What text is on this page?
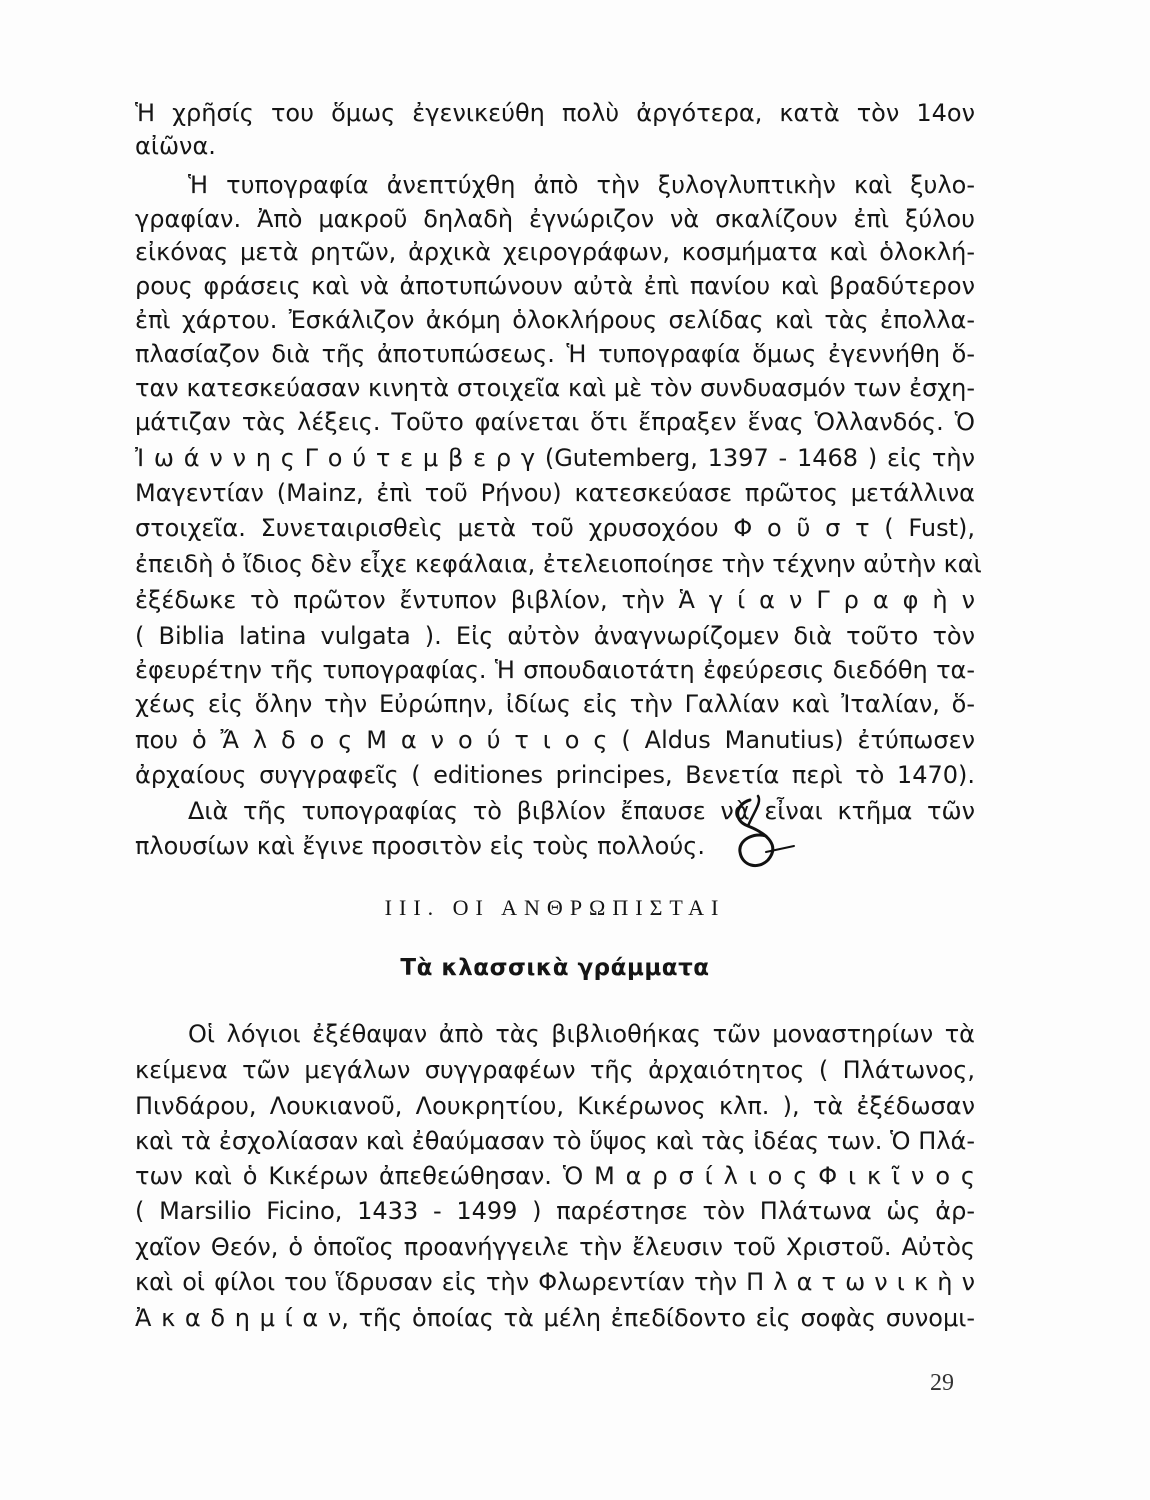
Ἡ χρῆσίς του ὅμως ἐγενικεύθη πολὺ ἀργότερα, κατὰ τὸν 14ον
αἰῶνα.
Ἡ τυπογραφία ἀνεπτύχθη ἀπὸ τὴν ξυλογλυπτικὴν καὶ ξυλο-
γραφίαν. Ἀπὸ μακροῦ δηλαδὴ ἐγνώριζον νὰ σκαλίζουν ἐπὶ ξύλου
εἰκόνας μετὰ ρητῶν, ἀρχικὰ χειρογράφων, κοσμήματα καὶ ὁλοκλή-
ρους φράσεις καὶ νὰ ἀποτυπώνουν αὐτὰ ἐπὶ πανίου καὶ βραδύτερον
ἐπὶ χάρτου. Ἐσκάλιζον ἀκόμη ὁλοκλήρους σελίδας καὶ τὰς ἐπολλα-
πλασίαζον διὰ τῆς ἀποτυπώσεως. Ἡ τυπογραφία ὅμως ἐγεννήθη ὅ-
ταν κατεσκεύασαν κινητὰ στοιχεῖα καὶ μὲ τὸν συνδυασμόν των ἐσχη-
μάτιζαν τὰς λέξεις. Τοῦτο φαίνεται ὅτι ἔπραξεν ἕνας Ὁλλανδός. Ὁ
Ἰ ω ά ν ν η ς Γ ο ύ τ ε μ β ε ρ γ (Gutemberg, 1397 - 1468 ) εἰς τὴν
Μαγεντίαν (Mainz, ἐπὶ τοῦ Ρήνου) κατεσκεύασε πρῶτος μετάλλινα
στοιχεῖα. Συνεταιρισθεὶς μετὰ τοῦ χρυσοχόου Φ ο ῦ σ τ ( Fust),
ἐπειδὴ ὁ ἴδιος δὲν εἶχε κεφάλαια, ἐτελειοποίησε τὴν τέχνην αὐτὴν καὶ
ἐξέδωκε τὸ πρῶτον ἔντυπον βιβλίον, τὴν Ἁ γ ί α ν Γ ρ α φ ὴ ν
( Biblia latina vulgata ). Εἰς αὐτὸν ἀναγνωρίζομεν διὰ τοῦτο τὸν
ἐφευρέτην τῆς τυπογραφίας. Ἡ σπουδαιοτάτη ἐφεύρεσις διεδόθη τα-
χέως εἰς ὅλην τὴν Εὐρώπην, ἰδίως εἰς τὴν Γαλλίαν καὶ Ἰταλίαν, ὅ-
που ὁ Ἄ λ δ ο ς Μ α ν ο ύ τ ι ο ς ( Aldus Manutius) ἐτύπωσεν
ἀρχαίους συγγραφεῖς ( editiones principes, Βενετία περὶ τὸ 1470).
Διὰ τῆς τυπογραφίας τὸ βιβλίον ἔπαυσε νὰ εἶναι κτῆμα τῶν
πλουσίων καὶ ἔγινε προσιτὸν εἰς τοὺς πολλούς.
III. ΟΙ ΑΝΘΡΩΠΙΣΤΑΙ
Τὰ κλασσικὰ γράμματα
Οἱ λόγιοι ἐξέθαψαν ἀπὸ τὰς βιβλιοθήκας τῶν μοναστηρίων τὰ
κείμενα τῶν μεγάλων συγγραφέων τῆς ἀρχαιότητος ( Πλάτωνος,
Πινδάρου, Λουκιανοῦ, Λουκρητίου, Κικέρωνος κλπ. ), τὰ ἐξέδωσαν
καὶ τὰ ἐσχολίασαν καὶ ἐθαύμασαν τὸ ὕψος καὶ τὰς ἰδέας των. Ὁ Πλά-
των καὶ ὁ Κικέρων ἀπεθεώθησαν. Ὁ Μ α ρ σ ί λ ι ο ς Φ ι κ ῖ ν ο ς
( Marsilio Ficino, 1433 - 1499 ) παρέστησε τὸν Πλάτωνα ὡς ἀρ-
χαῖον Θεόν, ὁ ὁποῖος προανήγγειλε τὴν ἔλευσιν τοῦ Χριστοῦ. Αὐτὸς
καὶ οἱ φίλοι του ἵδρυσαν εἰς τὴν Φλωρεντίαν τὴν Π λ α τ ω ν ι κ ὴ ν
Ἀ κ α δ η μ ί α ν, τῆς ὁποίας τὰ μέλη ἐπεδίδοντο εἰς σοφὰς συνομι-
29
